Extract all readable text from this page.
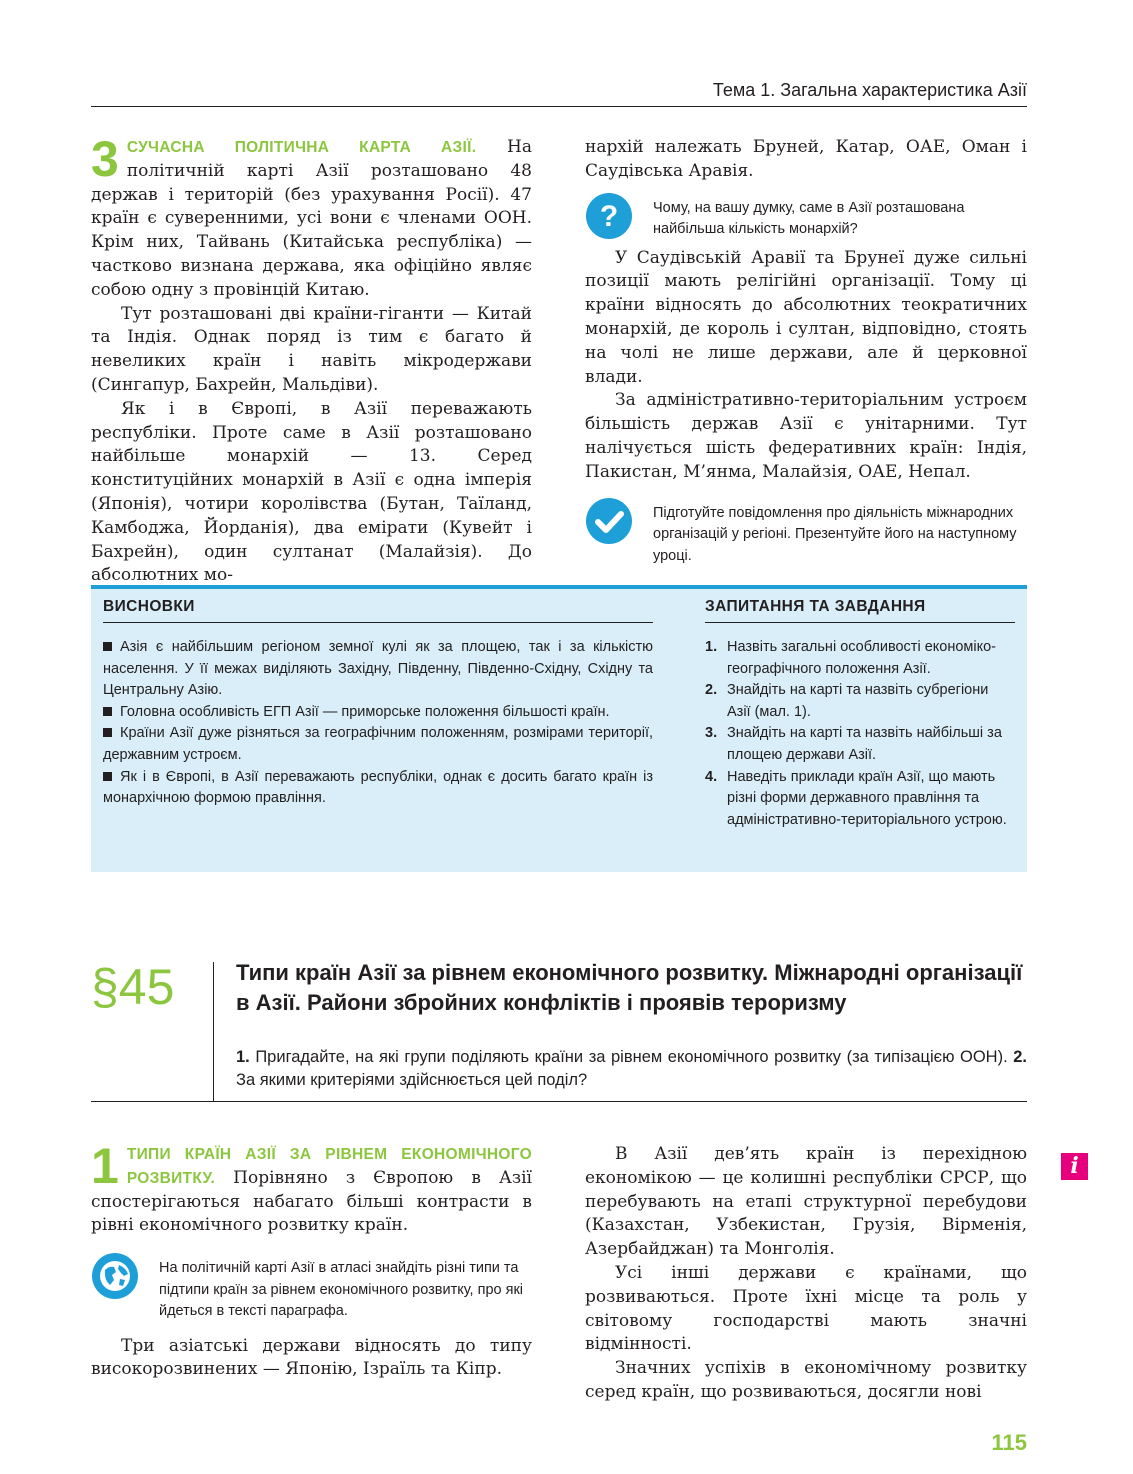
Тема 1. Загальна характеристика Азії

3 СУЧАСНА ПОЛІТИЧНА КАРТА АЗІЇ. На політичній карті Азії розташовано 48 держав і територій (без урахування Росії). 47 країн є суверенними, усі вони є членами ООН. Крім них, Тайвань (Китайська республіка) — частково визнана держава, яка офіційно являє собою одну з провінцій Китаю.

Тут розташовані дві країни-гіганти — Китай та Індія. Однак поряд із тим є багато й невеликих країн і навіть мікродержави (Сингапур, Бахрейн, Мальдіви).

Як і в Європі, в Азії переважають республіки. Проте саме в Азії розташовано найбільше монархій — 13. Серед конституційних монархій в Азії є одна імперія (Японія), чотири королівства (Бутан, Таїланд, Камбоджа, Йорданія), два емірати (Кувейт і Бахрейн), один султанат (Малайзія). До абсолютних мо-

нархій належать Бруней, Катар, ОАЕ, Оман і Саудівська Аравія.

? Чому, на вашу думку, саме в Азії розташована найбільша кількість монархій?

У Саудівській Аравії та Брунеї дуже сильні позиції мають релігійні організації. Тому ці країни відносять до абсолютних теократичних монархій, де король і султан, відповідно, стоять на чолі не лише держави, але й церковної влади.

За адміністративно-територіальним устроєм більшість держав Азії є унітарними. Тут налічується шість федеративних країн: Індія, Пакистан, М’янма, Малайзія, ОАЕ, Непал.

Підготуйте повідомлення про діяльність міжнародних організацій у регіоні. Презентуйте його на наступному уроці.
ВИСНОВКИ

Азія є найбільшим регіоном земної кулі як за площею, так і за кількістю населення. У її межах виділяють Західну, Південну, Південно-Східну, Східну та Центральну Азію.

Головна особливість ЕГП Азії — приморське положення більшості країн.

Країни Азії дуже різняться за географічним положенням, розмірами території, державним устроєм.

Як і в Європі, в Азії переважають республіки, однак є досить багато країн із монархічною формою правління.

ЗАПИТАННЯ ТА ЗАВДАННЯ
1. Назвіть загальні особливості економіко-географічного положення Азії.
2. Знайдіть на карті та назвіть субрегіони Азії (мал. 1).
3. Знайдіть на карті та назвіть найбільші за площею держави Азії.
4. Наведіть приклади країн Азії, що мають різні форми державного правління та адміністративно-територіального устрою.
§45	Типи країн Азії за рівнем економічного розвитку. Міжнародні організації в Азії. Райони збройних конфліктів і проявів тероризму
1. Пригадайте, на які групи поділяють країни за рівнем економічного розвитку (за типізацією ООН). 2. За якими критеріями здійснюється цей поділ?

1 ТИПИ КРАЇН АЗІЇ ЗА РІВНЕМ ЕКОНОМІЧНОГО РОЗВИТКУ. Порівняно з Європою в Азії спостерігаються набагато більші контрасти в рівні економічного розвитку країн.

На політичній карті Азії в атласі знайдіть різні типи та підтипи країн за рівнем економічного розвитку, про які йдеться в тексті параграфа.

Три азіатські держави відносять до типу високорозвинених — Японію, Ізраїль та Кіпр.

В Азії дев’ять країн із перехідною економікою — це колишні республіки СРСР, що перебувають на етапі структурної перебудови (Казахстан, Узбекистан, Грузія, Вірменія, Азербайджан) та Монголія.

Усі інші держави є країнами, що розвиваються. Проте їхні місце та роль у світовому господарстві мають значні відмінності.

Значних успіхів в економічному розвитку серед країн, що розвиваються, досягли нові

i
115
